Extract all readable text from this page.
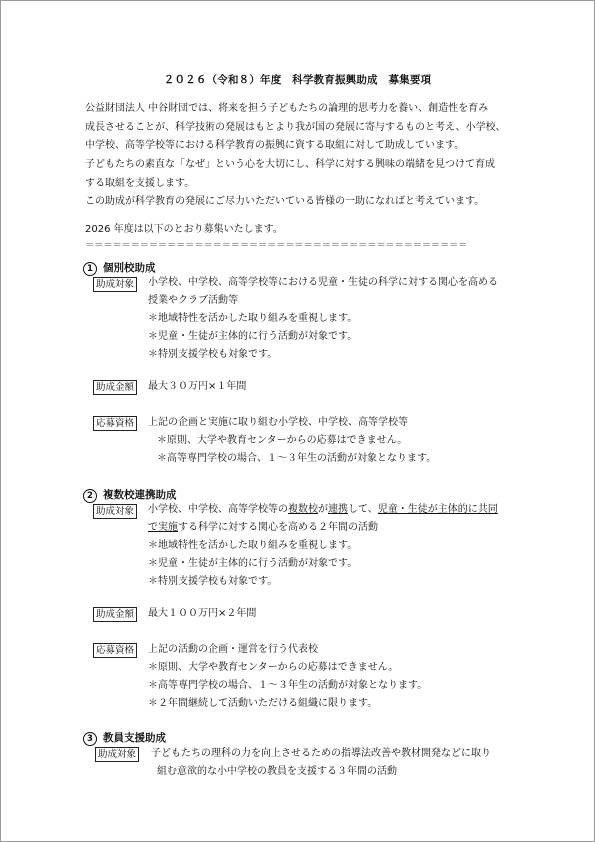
２０２６（令和８）年度　科学教育振興助成　募集要項
公益財団法人 中谷財団では、将来を担う子どもたちの論理的思考力を養い、創造性を育み
成長させることが、科学技術の発展はもとより我が国の発展に寄与するものと考え、小学校、
中学校、高等学校等における科学教育の振興に資する取組に対して助成しています。
子どもたちの素直な「なぜ」という心を大切にし、科学に対する興味の端緒を見つけて育成
する取組を支援します。
この助成が科学教育の発展にご尽力いただいている皆様の一助になればと考えています。
2026 年度は以下のとおり募集いたします。
＝＝＝＝＝＝＝＝＝＝＝＝＝＝＝＝＝＝＝＝＝＝＝＝＝＝＝＝＝＝＝＝＝＝＝＝＝＝＝＝＝＝
1 個別校助成
助成対象	小学校、中学校、高等学校等における児童・生徒の科学に対する関心を高める
授業やクラブ活動等
＊地域特性を活かした取り組みを重視します。
＊児童・生徒が主体的に行う活動が対象です。
＊特別支援学校も対象です。
助成金額	最大３０万円×１年間
応募資格	上記の企画と実施に取り組む小学校、中学校、高等学校等
＊原則、大学や教育センターからの応募はできません。
＊高等専門学校の場合、１～３年生の活動が対象となります。
2 複数校連携助成
助成対象	小学校、中学校、高等学校等の複数校が連携して、児童・生徒が主体的に共同
で実施する科学に対する関心を高める２年間の活動
＊地域特性を活かした取り組みを重視します。
＊児童・生徒が主体的に行う活動が対象です。
＊特別支援学校も対象です。
助成金額	最大１００万円×２年間
応募資格	上記の活動の企画・運営を行う代表校
＊原則、大学や教育センターからの応募はできません。
＊高等専門学校の場合、１～３年生の活動が対象となります。
＊２年間継続して活動いただける組織に限ります。
3 教員支援助成
助成対象	子どもたちの理科の力を向上させるための指導法改善や教材開発などに取り
組む意欲的な小中学校の教員を支援する３年間の活動
